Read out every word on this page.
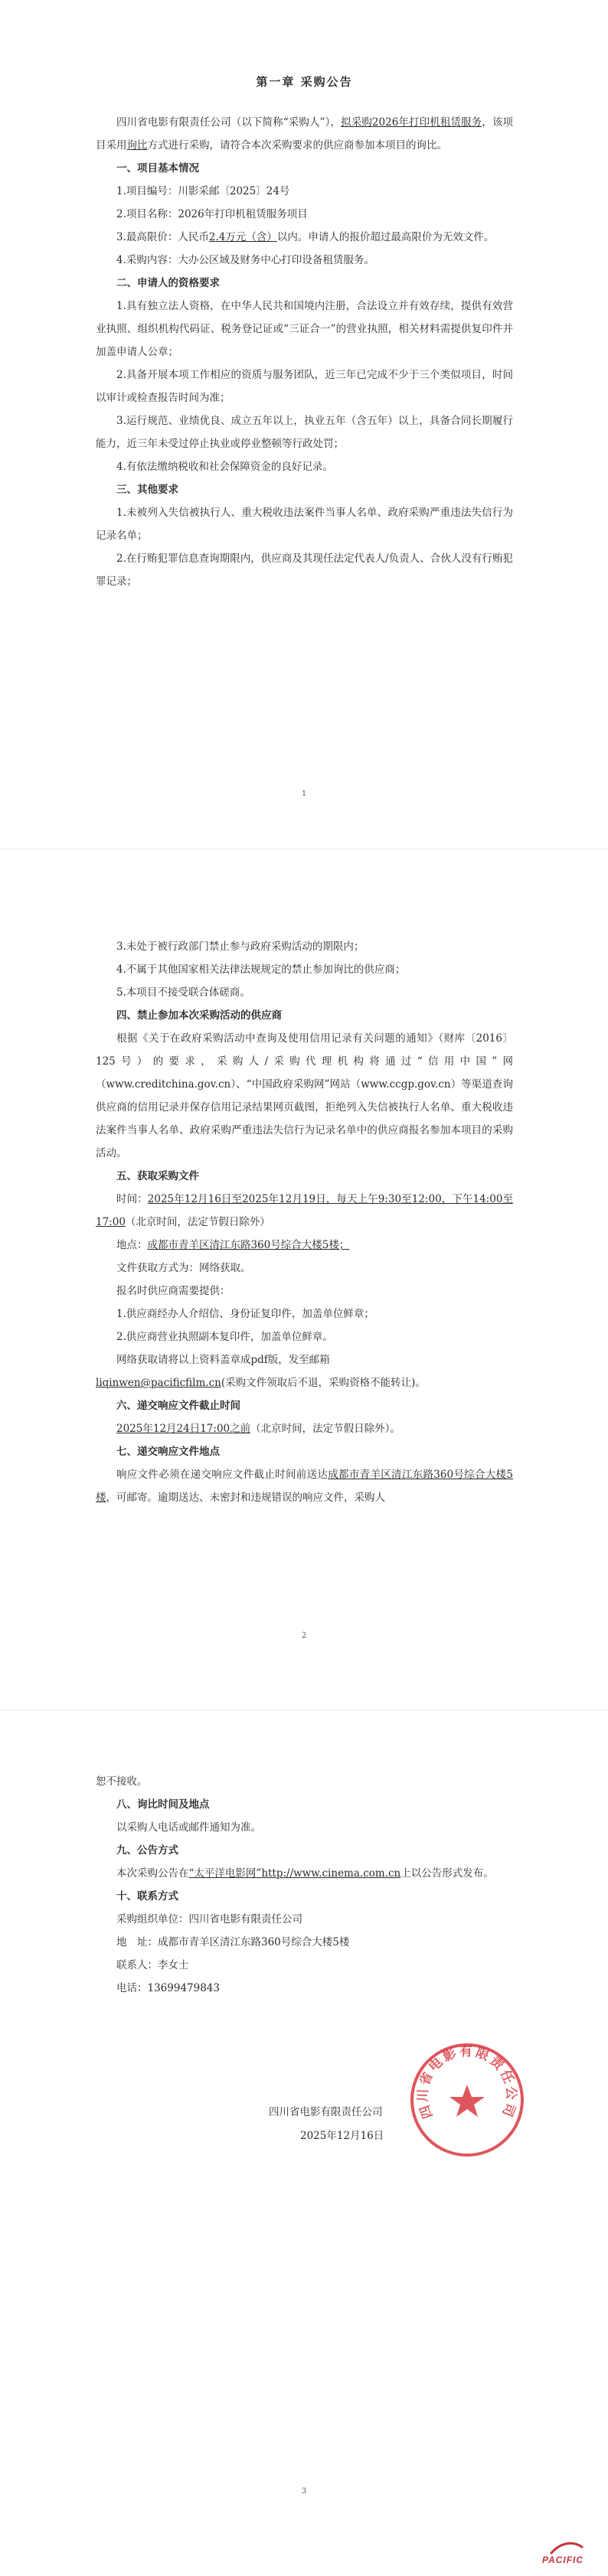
第一章 采购公告

四川省电影有限责任公司（以下简称“采购人”），拟采购2026年打印机租赁服务，该项目采用询比方式进行采购，请符合本次采购要求的供应商参加本项目的询比。

一、项目基本情况

1.项目编号：川影采邮〔2025〕24号

2.项目名称：2026年打印机租赁服务项目

3.最高限价：人民币2.4万元（含）以内。申请人的报价超过最高限价为无效文件。

4.采购内容：大办公区域及财务中心打印设备租赁服务。

二、申请人的资格要求

1.具有独立法人资格，在中华人民共和国境内注册，合法设立并有效存续，提供有效营业执照、组织机构代码证、税务登记证或“三证合一”的营业执照，相关材料需提供复印件并加盖申请人公章；

2.具备开展本项工作相应的资质与服务团队，近三年已完成不少于三个类似项目，时间以审计或检查报告时间为准；

3.运行规范、业绩优良、成立五年以上，执业五年（含五年）以上，具备合同长期履行能力，近三年未受过停止执业或停业整顿等行政处罚；

4.有依法缴纳税收和社会保障资金的良好记录。

三、其他要求

1.未被列入失信被执行人、重大税收违法案件当事人名单、政府采购严重违法失信行为记录名单；

2.在行贿犯罪信息查询期限内，供应商及其现任法定代表人/负责人、合伙人没有行贿犯罪记录；

1

3.未处于被行政部门禁止参与政府采购活动的期限内；

4.不属于其他国家相关法律法规规定的禁止参加询比的供应商；

5.本项目不接受联合体磋商。

四、禁止参加本次采购活动的供应商

根据《关于在政府采购活动中查询及使用信用记录有关问题的通知》（财库〔2016〕125号）的要求，采购人/采购代理机构将通过“信用中国”网（www.creditchina.gov.cn）、“中国政府采购网”网站（www.ccgp.gov.cn）等渠道查询供应商的信用记录并保存信用记录结果网页截图，拒绝列入失信被执行人名单、重大税收违法案件当事人名单、政府采购严重违法失信行为记录名单中的供应商报名参加本项目的采购活动。

五、获取采购文件

时间：2025年12月16日至2025年12月19日，每天上午9:30至12:00，下午14:00至17:00（北京时间，法定节假日除外）

地点：成都市青羊区清江东路360号综合大楼5楼；

文件获取方式为：网络获取。

报名时供应商需要提供：

1.供应商经办人介绍信、身份证复印件，加盖单位鲜章；

2.供应商营业执照副本复印件，加盖单位鲜章。

网络获取请将以上资料盖章成pdf版，发至邮箱

liqinwen@pacificfilm.cn(采购文件领取后不退，采购资格不能转让)。

六、递交响应文件截止时间

2025年12月24日17:00之前（北京时间，法定节假日除外）。

七、递交响应文件地点

响应文件必须在递交响应文件截止时间前送达成都市青羊区清江东路360号综合大楼5楼，可邮寄。逾期送达、未密封和违规错误的响应文件，采购人

2

恕不接收。

八、询比时间及地点

以采购人电话或邮件通知为准。

九、公告方式

本次采购公告在“太平洋电影网”http://www.cinema.com.cn上以公告形式发布。

十、联系方式

采购组织单位：四川省电影有限责任公司

地　址：成都市青羊区清江东路360号综合大楼5楼

联系人：李女士

电话：13699479843

四川省电影有限责任公司
四川省电影有限责任公司
2025年12月16日
3
PACIFIC
